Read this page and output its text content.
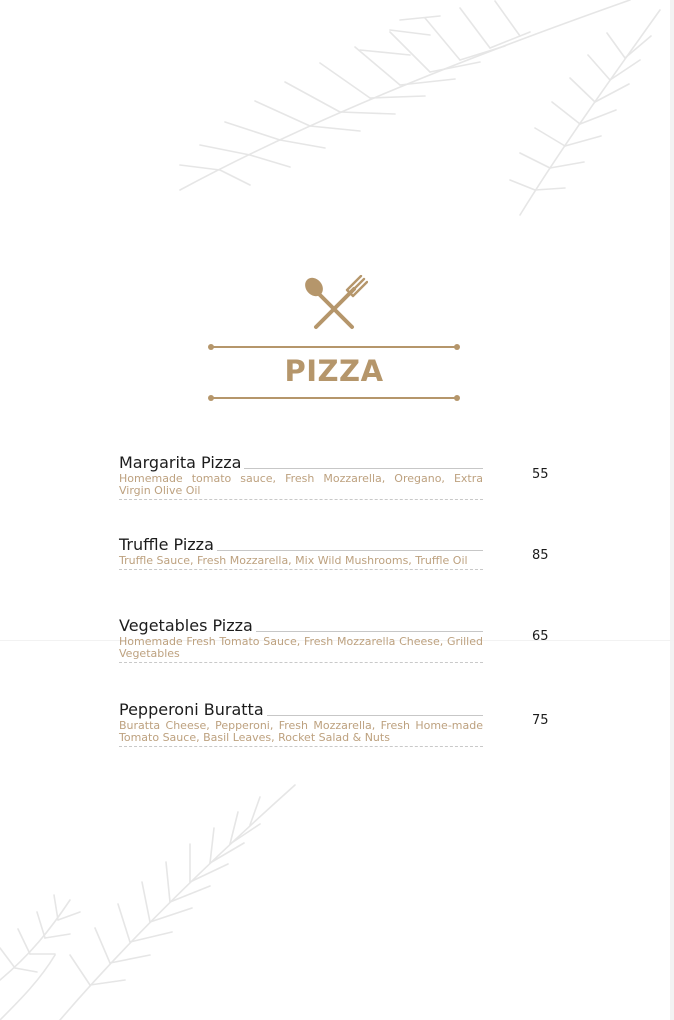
PIZZA
Margarita Pizza
Homemade tomato sauce, Fresh Mozzarella, Oregano, Extra Virgin Olive Oil
55
Truffle Pizza
Truffle Sauce, Fresh Mozzarella, Mix Wild Mushrooms, Truffle Oil	85
Vegetables Pizza
Homemade Fresh Tomato Sauce, Fresh Mozzarella Cheese, Grilled Vegetables
65
Pepperoni Buratta
Buratta Cheese, Pepperoni, Fresh Mozzarella, Fresh Home-made Tomato Sauce, Basil Leaves, Rocket Salad & Nuts
75
